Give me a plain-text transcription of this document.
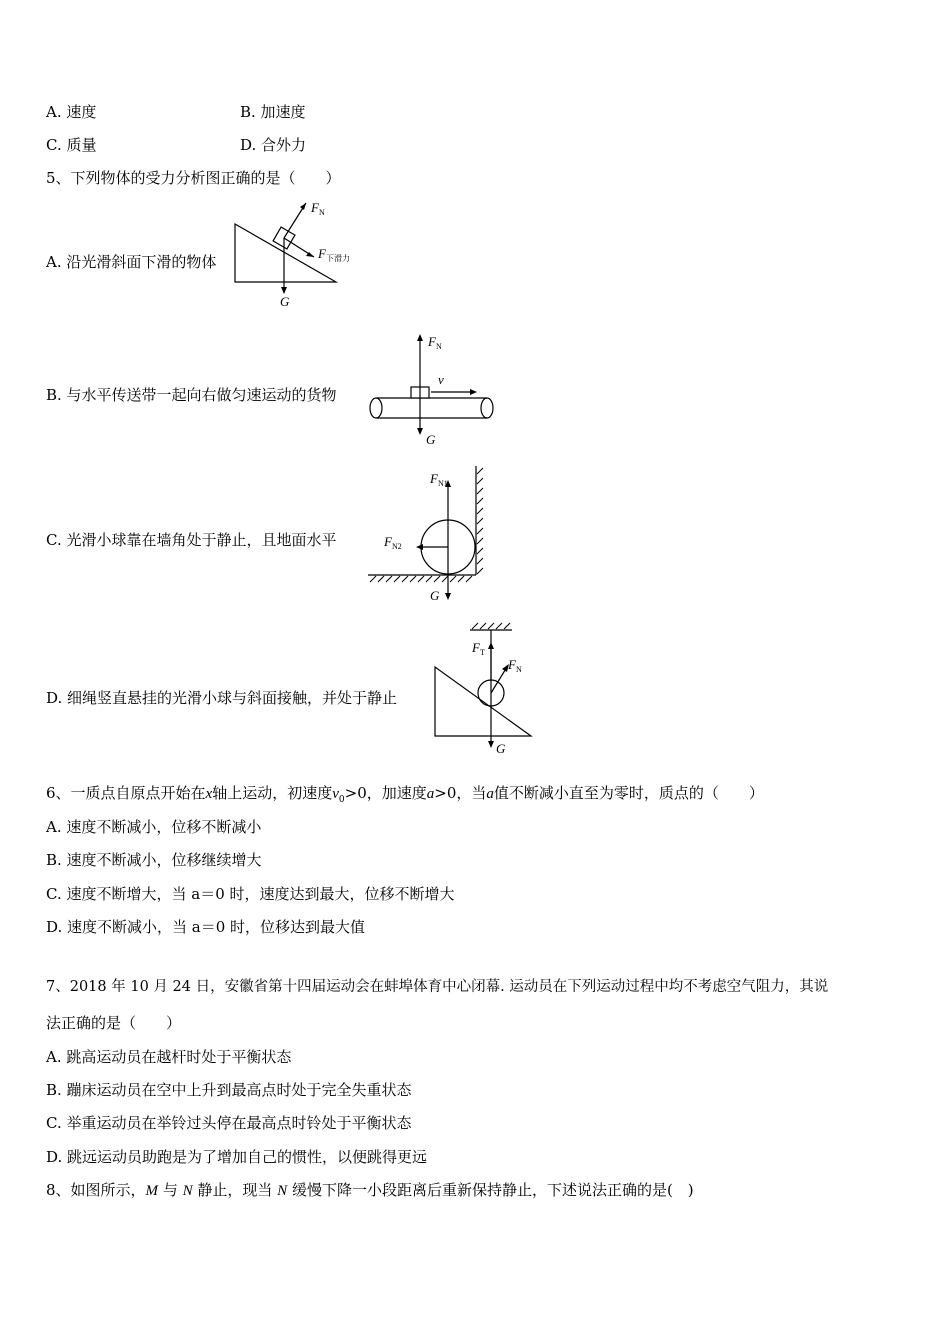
A. 速度	B. 加速度
C. 质量	D. 合外力
5、下列物体的受力分析图正确的是（　　）
A. 沿光滑斜面下滑的物体
$F_N$
$F_{下滑力}$
G
B. 与水平传送带一起向右做匀速运动的货物
$F_N$
v
G
C. 光滑小球靠在墙角处于静止，且地面水平
$F_{N1}$
$F_{N2}$
G
D. 细绳竖直悬挂的光滑小球与斜面接触，并处于静止
$F_T$
$F_N$
G
6、一质点自原点开始在x轴上运动，初速度$v_0>0$，加速度a>0，当a值不断减小直至为零时，质点的（　　）
A. 速度不断减小，位移不断减小
B. 速度不断减小，位移继续增大
C. 速度不断增大，当 a＝0 时，速度达到最大，位移不断增大
D. 速度不断减小，当 a＝0 时，位移达到最大值
7、2018 年 10 月 24 日，安徽省第十四届运动会在蚌埠体育中心闭幕. 运动员在下列运动过程中均不考虑空气阻力，其说
法正确的是（　　）
A. 跳高运动员在越杆时处于平衡状态
B. 蹦床运动员在空中上升到最高点时处于完全失重状态
C. 举重运动员在举铃过头停在最高点时铃处于平衡状态
D. 跳远运动员助跑是为了增加自己的惯性，以便跳得更远
8、如图所示，M 与 N 静止，现当 N 缓慢下降一小段距离后重新保持静止，下述说法正确的是(　)
